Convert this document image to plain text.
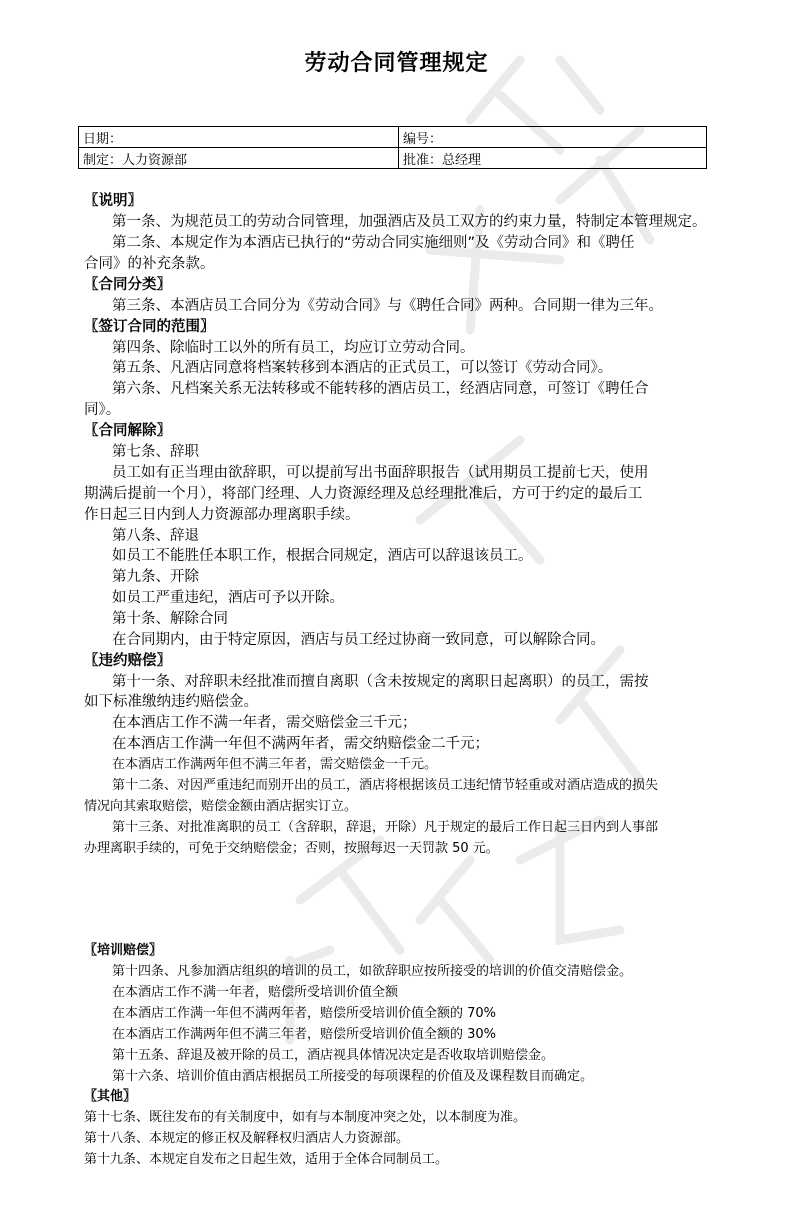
劳动合同管理规定
日期：	编号：
制定：人力资源部	批准：总经理
〖说明〗
第一条、为规范员工的劳动合同管理，加强酒店及员工双方的约束力量，特制定本管理规定。
第二条、本规定作为本酒店已执行的“劳动合同实施细则”及《劳动合同》和《聘任
合同》的补充条款。
〖合同分类〗
第三条、本酒店员工合同分为《劳动合同》与《聘任合同》两种。合同期一律为三年。
〖签订合同的范围〗
第四条、除临时工以外的所有员工，均应订立劳动合同。
第五条、凡酒店同意将档案转移到本酒店的正式员工，可以签订《劳动合同》。
第六条、凡档案关系无法转移或不能转移的酒店员工，经酒店同意，可签订《聘任合
同》。
〖合同解除〗
第七条、辞职
员工如有正当理由欲辞职，可以提前写出书面辞职报告（试用期员工提前七天，使用
期满后提前一个月），将部门经理、人力资源经理及总经理批准后，方可于约定的最后工
作日起三日内到人力资源部办理离职手续。
第八条、辞退
如员工不能胜任本职工作，根据合同规定，酒店可以辞退该员工。
第九条、开除
如员工严重违纪，酒店可予以开除。
第十条、解除合同
在合同期内，由于特定原因，酒店与员工经过协商一致同意，可以解除合同。
〖违约赔偿〗
第十一条、对辞职未经批准而擅自离职（含未按规定的离职日起离职）的员工，需按
如下标准缴纳违约赔偿金。
在本酒店工作不满一年者，需交赔偿金三千元；
在本酒店工作满一年但不满两年者，需交纳赔偿金二千元；
在本酒店工作满两年但不满三年者，需交赔偿金一千元。
第十二条、对因严重违纪而别开出的员工，酒店将根据该员工违纪情节轻重或对酒店造成的损失
情况向其索取赔偿，赔偿金额由酒店据实订立。
第十三条、对批准离职的员工（含辞职，辞退，开除）凡于规定的最后工作日起三日内到人事部
办理离职手续的，可免于交纳赔偿金；否则，按照每迟一天罚款 50 元。
〖培训赔偿〗
第十四条、凡参加酒店组织的培训的员工，如欲辞职应按所接受的培训的价值交清赔偿金。
在本酒店工作不满一年者，赔偿所受培训价值全额
在本酒店工作满一年但不满两年者，赔偿所受培训价值全额的 70%
在本酒店工作满两年但不满三年者，赔偿所受培训价值全额的 30%
第十五条、辞退及被开除的员工，酒店视具体情况决定是否收取培训赔偿金。
第十六条、培训价值由酒店根据员工所接受的每项课程的价值及及课程数目而确定。
〖其他〗
第十七条、既往发布的有关制度中，如有与本制度冲突之处，以本制度为准。
第十八条、本规定的修正权及解释权归酒店人力资源部。
第十九条、本规定自发布之日起生效，适用于全体合同制员工。
